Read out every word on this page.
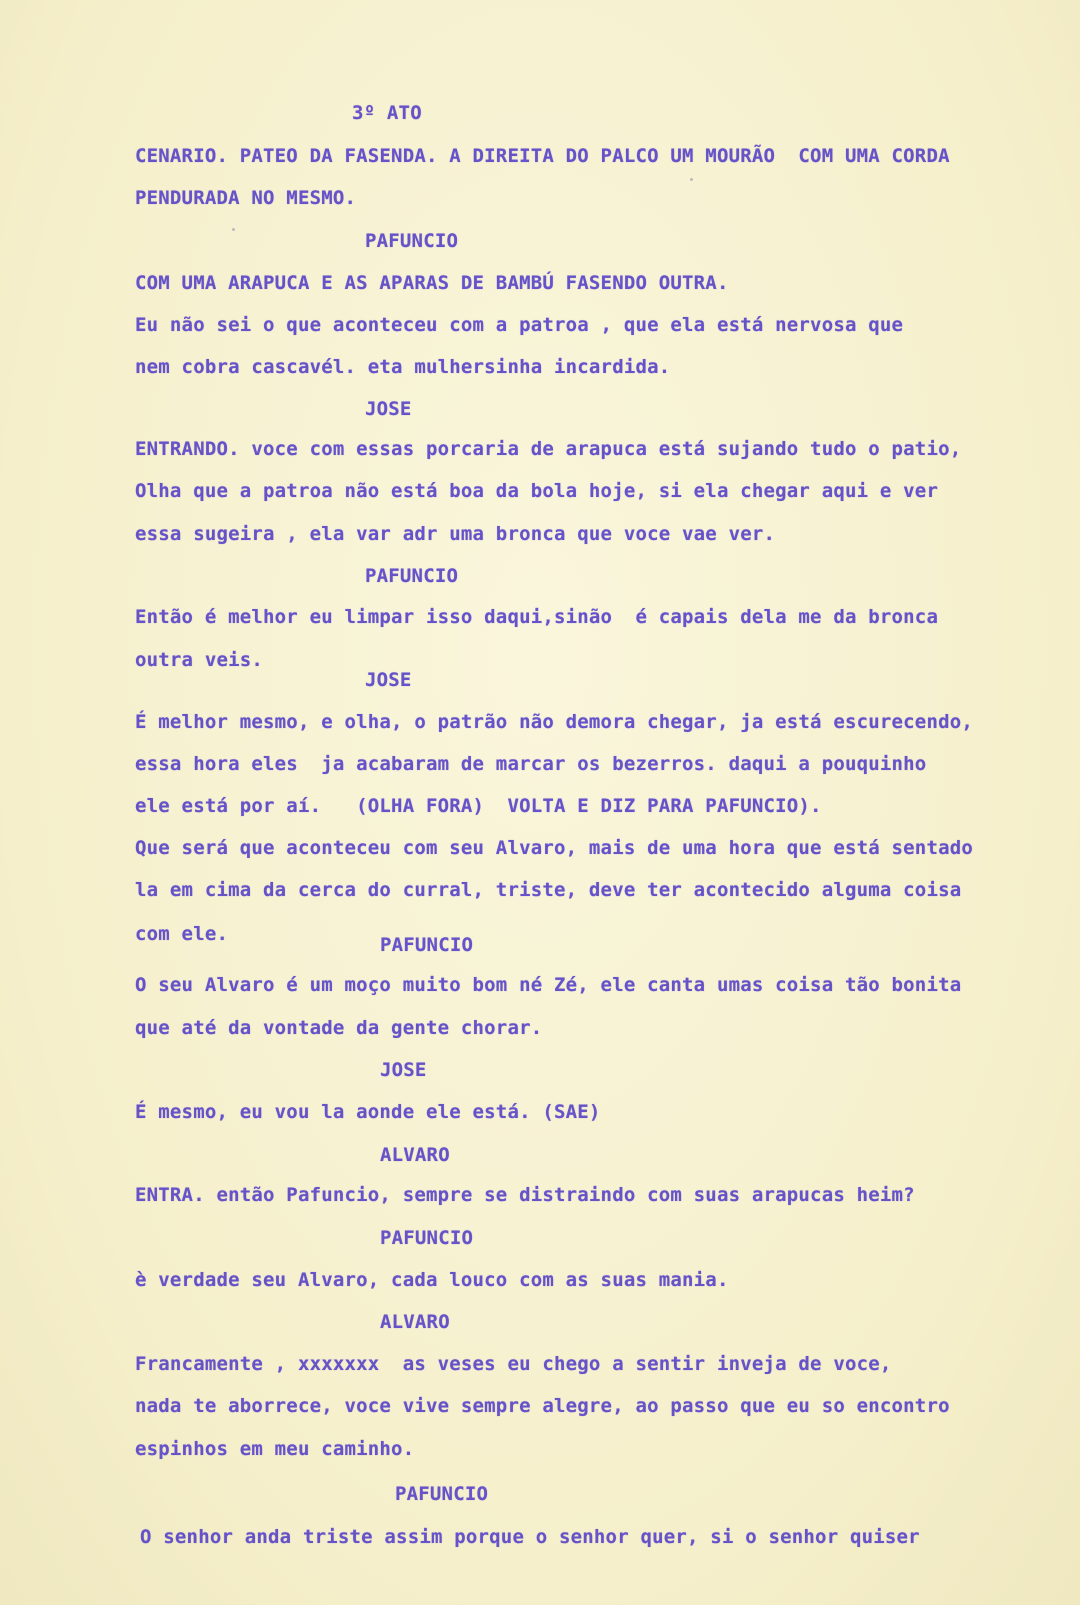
3º ATO
CENARIO. PATEO DA FASENDA. A DIREITA DO PALCO UM MOURÃO  COM UMA CORDA
PENDURADA NO MESMO.
PAFUNCIO
COM UMA ARAPUCA E AS APARAS DE BAMBÚ FASENDO OUTRA.
Eu não sei o que aconteceu com a patroa , que ela está nervosa que
nem cobra cascavél. eta mulhersinha incardida.
JOSE
ENTRANDO. voce com essas porcaria de arapuca está sujando tudo o patio,
Olha que a patroa não está boa da bola hoje, si ela chegar aqui e ver
essa sugeira , ela var adr uma bronca que voce vae ver.
PAFUNCIO
Então é melhor eu limpar isso daqui,sinão  é capais dela me da bronca
outra veis.
JOSE
É melhor mesmo, e olha, o patrão não demora chegar, ja está escurecendo,
essa hora eles  ja acabaram de marcar os bezerros. daqui a pouquinho
ele está por aí.   (OLHA FORA)  VOLTA E DIZ PARA PAFUNCIO).
Que será que aconteceu com seu Alvaro, mais de uma hora que está sentado
la em cima da cerca do curral, triste, deve ter acontecido alguma coisa
com ele.	PAFUNCIO
O seu Alvaro é um moço muito bom né Zé, ele canta umas coisa tão bonita
que até da vontade da gente chorar.
JOSE
É mesmo, eu vou la aonde ele está. (SAE)
ALVARO
ENTRA. então Pafuncio, sempre se distraindo com suas arapucas heim?
PAFUNCIO
è verdade seu Alvaro, cada louco com as suas mania.
ALVARO
Francamente , xxxxxxx  as veses eu chego a sentir inveja de voce,
nada te aborrece, voce vive sempre alegre, ao passo que eu so encontro
espinhos em meu caminho.
PAFUNCIO
O senhor anda triste assim porque o senhor quer, si o senhor quiser
